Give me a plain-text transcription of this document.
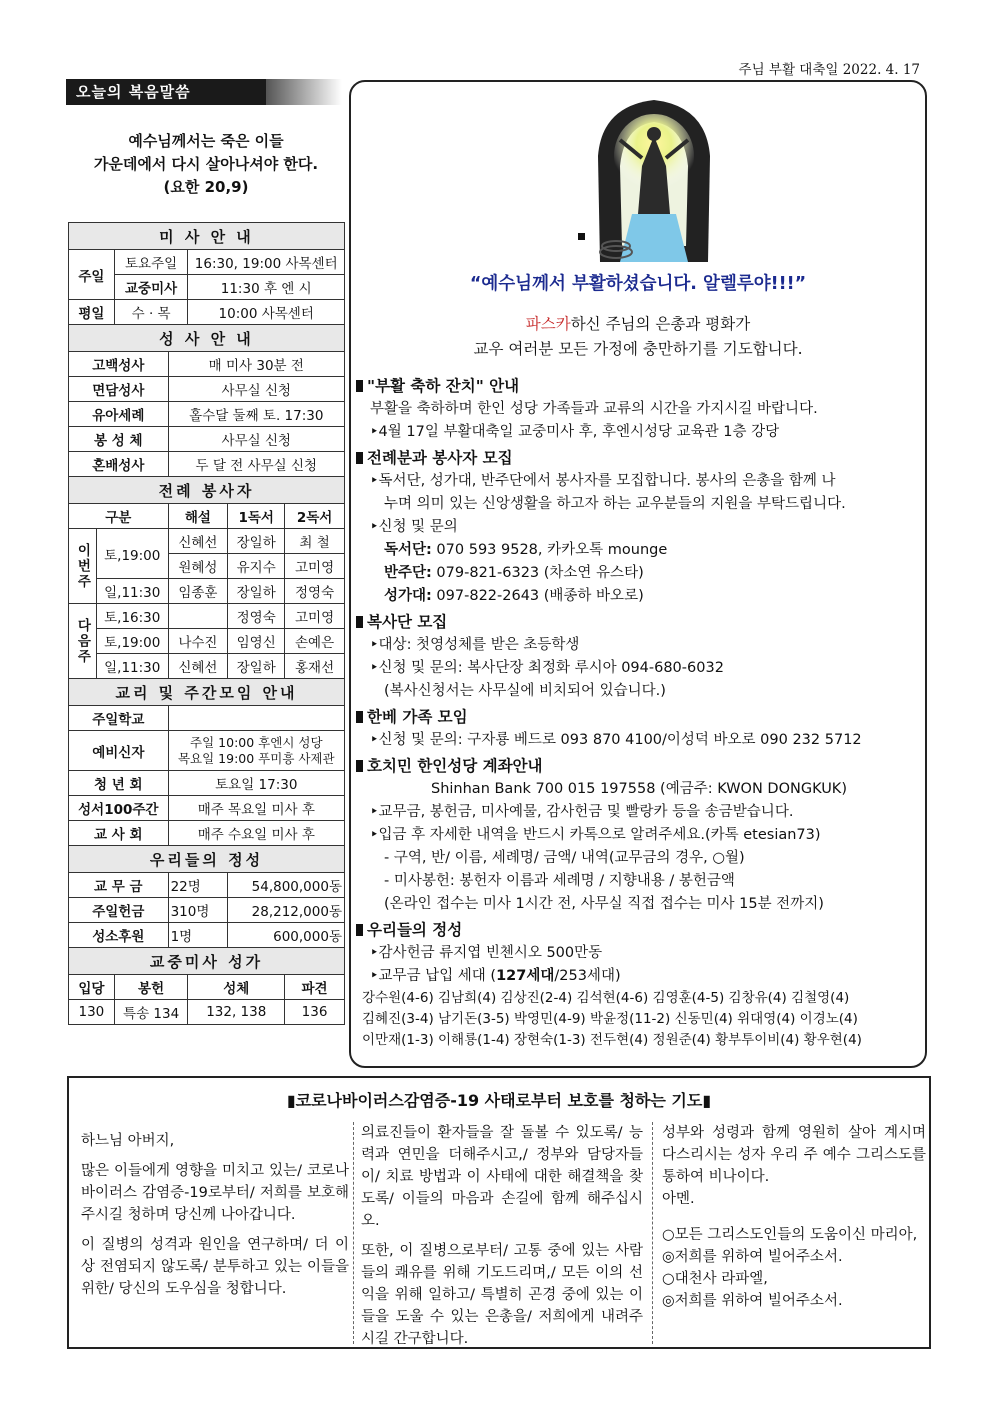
주님 부활 대축일 2022. 4. 17
오늘의 복음말씀
예수님께서는 죽은 이들
가운데에서 다시 살아나셔야 한다.
(요한 20,9)
미 사 안 내						
주일		토요주일		16:30, 19:00 사목센터		
		교중미사		11:30 후 엔 시		
평일		수 · 목		10:00 사목센터		
성 사 안 내						
고백성사			매 미사 30분 전			
면담성사			사무실 신청			
유아세례			홀수달 둘째 토. 17:30			
봉 성 체			사무실 신청			
혼배성사			두 달 전 사무실 신청			
전례 봉사자						
구분			해설		1독서	2독서
이번주	토,19:00		신혜선		장일하	최 철
			원혜성		유지수	고미영
	일,11:30		임종훈		장일하	정영숙
다음주	토,16:30				정영숙	고미영
	토,19:00		나수진		임영신	손예은
	일,11:30		신혜선		장일하	홍재선
교리 및 주간모임 안내						
주일학교						
예비신자			주일 10:00 후엔시 성당
목요일 19:00 푸미흥 사제관			

청 년 회			토요일 17:30			
성서100주간			매주 목요일 미사 후			
교 사 회			매주 수요일 미사 후			
우리들의 정성						
교 무 금			22명		54,800,000동	
주일헌금			310명		28,212,000동	
성소후원			1명		600,000동	
교중미사 성가						
입당		봉헌		성체		파견
130		특송 134		132, 138		136
“예수님께서 부활하셨습니다. 알렐루야!!!”
파스카하신 주님의 은총과 평화가
교우 여러분 모든 가정에 충만하기를 기도합니다.
"부활 축하 잔치" 안내
부활을 축하하며 한인 성당 가족들과 교류의 시간을 가지시길 바랍니다.
‣4월 17일 부활대축일 교중미사 후, 후엔시성당 교육관 1층 강당
전례분과 봉사자 모집
‣독서단, 성가대, 반주단에서 봉사자를 모집합니다. 봉사의 은총을 함께 나
누며 의미 있는 신앙생활을 하고자 하는 교우분들의 지원을 부탁드립니다.
‣신청 및 문의
독서단: 070 593 9528, 카카오톡 mounge
반주단: 079-821-6323 (차소연 유스타)
성가대: 097-822-2643 (배종하 바오로)
복사단 모집
‣대상: 첫영성체를 받은 초등학생
‣신청 및 문의: 복사단장 최정화 루시아 094-680-6032
(복사신청서는 사무실에 비치되어 있습니다.)
한베 가족 모임
‣신청 및 문의: 구자룡 베드로 093 870 4100/이성덕 바오로 090 232 5712
호치민 한인성당 계좌안내
Shinhan Bank 700 015 197558 (예금주: KWON DONGKUK)
‣교무금, 봉헌금, 미사예물, 감사헌금 및 빨랑카 등을 송금받습니다.
‣입금 후 자세한 내역을 반드시 카톡으로 알려주세요.(카톡 etesian73)
- 구역, 반/ 이름, 세례명/ 금액/ 내역(교무금의 경우, ○월)
- 미사봉헌: 봉헌자 이름과 세례명 / 지향내용 / 봉헌금액
(온라인 접수는 미사 1시간 전, 사무실 직접 접수는 미사 15분 전까지)
우리들의 정성
‣감사헌금 류지엽 빈첸시오 500만동
‣교무금 납입 세대 (127세대/253세대)
강수원(4-6) 김남희(4) 김상진(2-4) 김석현(4-6) 김영훈(4-5) 김창유(4) 김철영(4)
김혜진(3-4) 남기돈(3-5) 박영민(4-9) 박윤정(11-2) 신동민(4) 위대영(4) 이경노(4)
이만재(1-3) 이해룡(1-4) 장현숙(1-3) 전두현(4) 정원준(4) 황부투이비(4) 황우현(4)
▮코로나바이러스감염증-19 사태로부터 보호를 청하는 기도▮

하느님 아버지,

많은 이들에게 영향을 미치고 있는/ 코로나 바이러스 감염증-19로부터/ 저희를 보호해주시길 청하며 당신께 나아갑니다.

이 질병의 성격과 원인을 연구하며/ 더 이상 전염되지 않도록/ 분투하고 있는 이들을 위한/ 당신의 도우심을 청합니다.

의료진들이 환자들을 잘 돌볼 수 있도록/ 능력과 연민을 더해주시고,/ 정부와 담당자들이/ 치료 방법과 이 사태에 대한 해결책을 찾도록/ 이들의 마음과 손길에 함께 해주십시오.

또한, 이 질병으로부터/ 고통 중에 있는 사람들의 쾌유를 위해 기도드리며,/ 모든 이의 선익을 위해 일하고/ 특별히 곤경 중에 있는 이들을 도울 수 있는 은총을/ 저희에게 내려주시길 간구합니다.

성부와 성령과 함께 영원히 살아 계시며 다스리시는 성자 우리 주 예수 그리스도를 통하여 비나이다.
아멘.
○모든 그리스도인들의 도움이신 마리아,
◎저희를 위하여 빌어주소서.
○대천사 라파엘,
◎저희를 위하여 빌어주소서.
